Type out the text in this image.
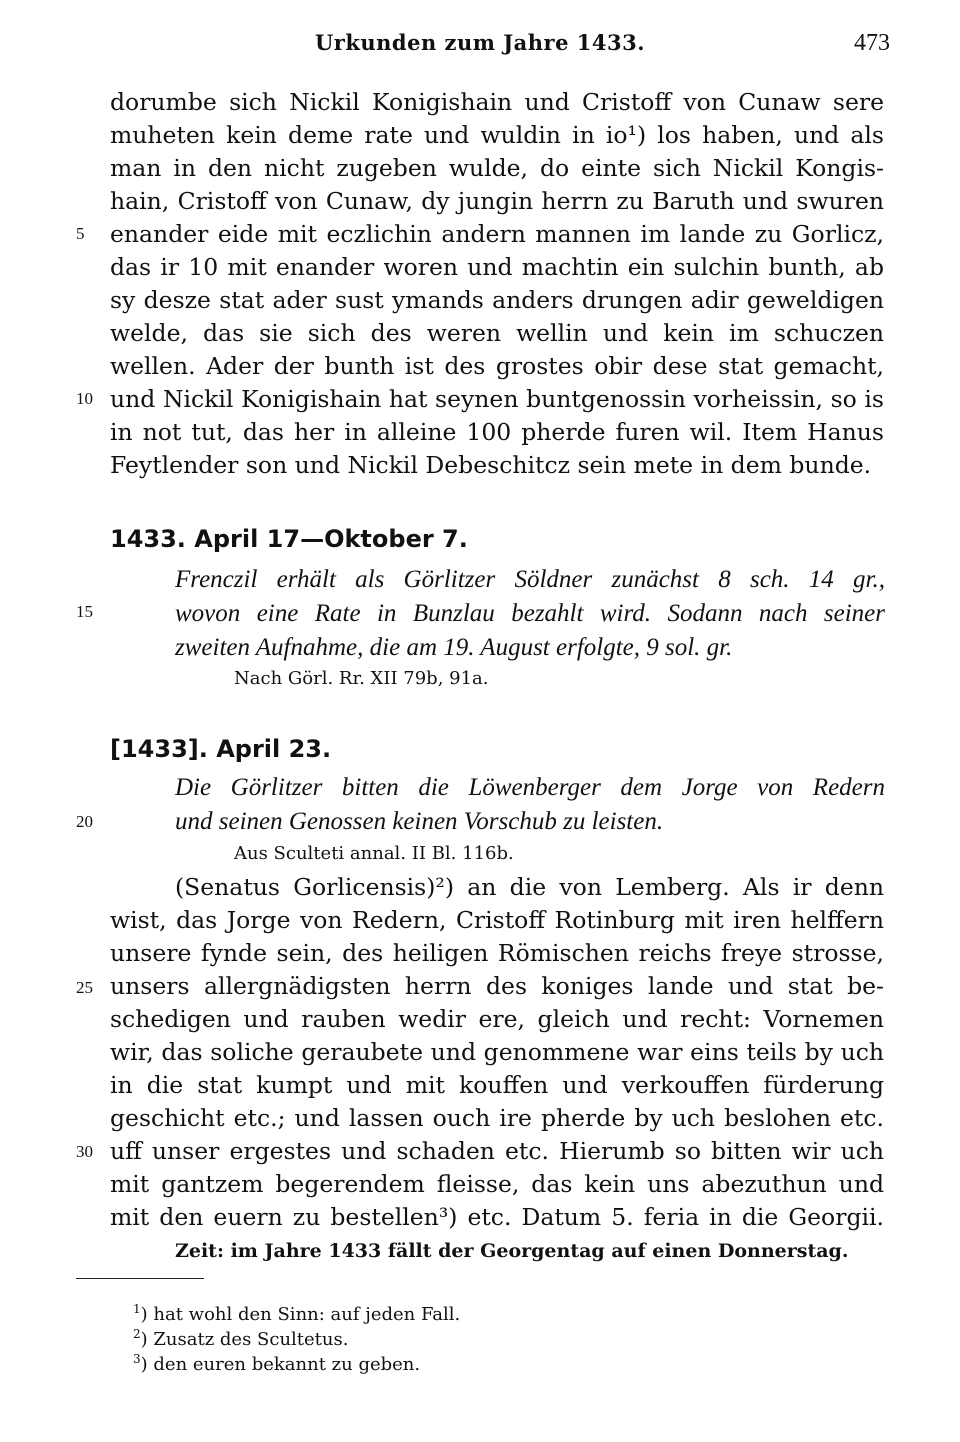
Urkunden zum Jahre 1433.	473
dorumbe sich Nickil Konigishain und Cristoff von Cunaw sere
muheten kein deme rate und wuldin in io¹) los haben, und als
man in den nicht zugeben wulde, do einte sich Nickil Kongis-
hain, Cristoff von Cunaw, dy jungin herrn zu Baruth und swuren
enander eide mit eczlichin andern mannen im lande zu Gorlicz,
das ir 10 mit enander woren und machtin ein sulchin bunth, ab
sy desze stat ader sust ymands anders drungen adir geweldigen
welde, das sie sich des weren wellin und kein im schuczen
wellen. Ader der bunth ist des grostes obir dese stat gemacht,
und Nickil Konigishain hat seynen buntgenossin vorheissin, so is
in not tut, das her in alleine 100 pherde furen wil. Item Hanus
Feytlender son und Nickil Debeschitcz sein mete in dem bunde.
5
10
15
20
25
30
1433. April 17—Oktober 7.
Frenczil erhält als Görlitzer Söldner zunächst 8 sch. 14 gr.,
wovon eine Rate in Bunzlau bezahlt wird. Sodann nach seiner
zweiten Aufnahme, die am 19. August erfolgte, 9 sol. gr.
Nach Görl. Rr. XII 79b, 91a.
[1433]. April 23.
Die Görlitzer bitten die Löwenberger dem Jorge von Redern
und seinen Genossen keinen Vorschub zu leisten.
Aus Sculteti annal. II Bl. 116b.
(Senatus Gorlicensis)²) an die von Lemberg. Als ir denn
wist, das Jorge von Redern, Cristoff Rotinburg mit iren helffern
unsere fynde sein, des heiligen Römischen reichs freye strosse,
unsers allergnädigsten herrn des koniges lande und stat be-
schedigen und rauben wedir ere, gleich und recht: Vornemen
wir, das soliche geraubete und genommene war eins teils by uch
in die stat kumpt und mit kouffen und verkouffen fürderung
geschicht etc.; und lassen ouch ire pherde by uch beslohen etc.
uff unser ergestes und schaden etc. Hierumb so bitten wir uch
mit gantzem begerendem fleisse, das kein uns abezuthun und
mit den euern zu bestellen³) etc. Datum 5. feria in die Georgii.
Zeit: im Jahre 1433 fällt der Georgentag auf einen Donnerstag.
$^1$) hat wohl den Sinn: auf jeden Fall.
$^2$) Zusatz des Scultetus.
$^3$) den euren bekannt zu geben.
